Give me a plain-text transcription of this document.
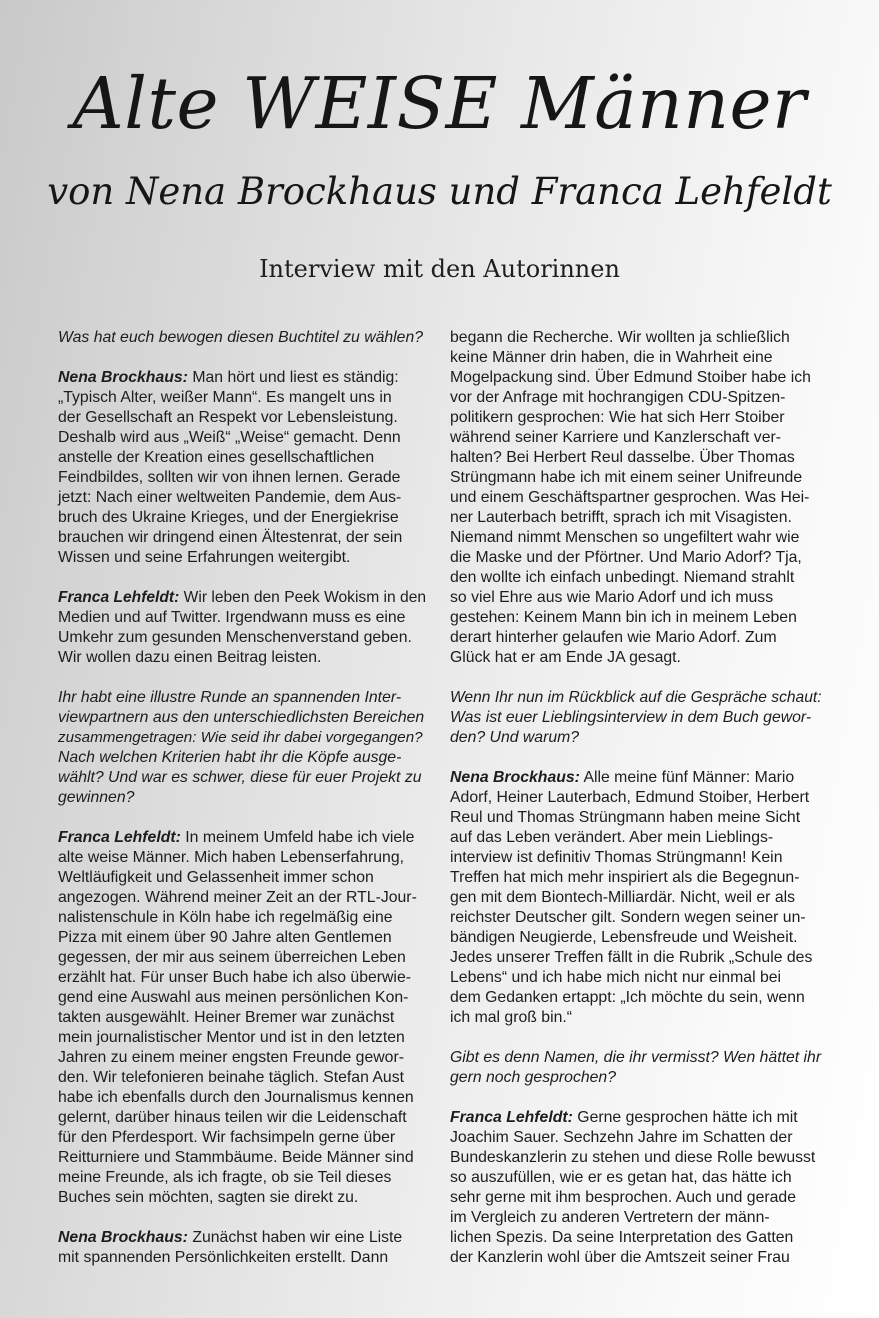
Alte WEISE Männer
von Nena Brockhaus und Franca Lehfeldt
Interview mit den Autorinnen
Was hat euch bewogen diesen Buchtitel zu wählen?
Nena Brockhaus: Man hört und liest es ständig:
„Typisch Alter, weißer Mann“. Es mangelt uns in
der Gesellschaft an Respekt vor Lebensleistung.
Deshalb wird aus „Weiß“ „Weise“ gemacht. Denn
anstelle der Kreation eines gesellschaftlichen
Feindbildes, sollten wir von ihnen lernen. Gerade
jetzt: Nach einer weltweiten Pandemie, dem Aus-
bruch des Ukraine Krieges, und der Energiekrise
brauchen wir dringend einen Ältestenrat, der sein
Wissen und seine Erfahrungen weitergibt.
Franca Lehfeldt: Wir leben den Peek Wokism in den
Medien und auf Twitter. Irgendwann muss es eine
Umkehr zum gesunden Menschenverstand geben.
Wir wollen dazu einen Beitrag leisten.
Ihr habt eine illustre Runde an spannenden Inter-
viewpartnern aus den unterschiedlichsten Bereichen
zusammengetragen: Wie seid ihr dabei vorgegangen?
Nach welchen Kriterien habt ihr die Köpfe ausge-
wählt? Und war es schwer, diese für euer Projekt zu
gewinnen?
Franca Lehfeldt: In meinem Umfeld habe ich viele
alte weise Männer. Mich haben Lebenserfahrung,
Weltläufigkeit und Gelassenheit immer schon
angezogen. Während meiner Zeit an der RTL-Jour-
nalistenschule in Köln habe ich regelmäßig eine
Pizza mit einem über 90 Jahre alten Gentlemen
gegessen, der mir aus seinem überreichen Leben
erzählt hat. Für unser Buch habe ich also überwie-
gend eine Auswahl aus meinen persönlichen Kon-
takten ausgewählt. Heiner Bremer war zunächst
mein journalistischer Mentor und ist in den letzten
Jahren zu einem meiner engsten Freunde gewor-
den. Wir telefonieren beinahe täglich. Stefan Aust
habe ich ebenfalls durch den Journalismus kennen
gelernt, darüber hinaus teilen wir die Leidenschaft
für den Pferdesport. Wir fachsimpeln gerne über
Reitturniere und Stammbäume. Beide Männer sind
meine Freunde, als ich fragte, ob sie Teil dieses
Buches sein möchten, sagten sie direkt zu.
Nena Brockhaus: Zunächst haben wir eine Liste
mit spannenden Persönlichkeiten erstellt. Dann
begann die Recherche. Wir wollten ja schließlich
keine Männer drin haben, die in Wahrheit eine
Mogelpackung sind. Über Edmund Stoiber habe ich
vor der Anfrage mit hochrangigen CDU-Spitzen-
politikern gesprochen: Wie hat sich Herr Stoiber
während seiner Karriere und Kanzlerschaft ver-
halten? Bei Herbert Reul dasselbe. Über Thomas
Strüngmann habe ich mit einem seiner Unifreunde
und einem Geschäftspartner gesprochen. Was Hei-
ner Lauterbach betrifft, sprach ich mit Visagisten.
Niemand nimmt Menschen so ungefiltert wahr wie
die Maske und der Pförtner. Und Mario Adorf? Tja,
den wollte ich einfach unbedingt. Niemand strahlt
so viel Ehre aus wie Mario Adorf und ich muss
gestehen: Keinem Mann bin ich in meinem Leben
derart hinterher gelaufen wie Mario Adorf. Zum
Glück hat er am Ende JA gesagt.
Wenn Ihr nun im Rückblick auf die Gespräche schaut:
Was ist euer Lieblingsinterview in dem Buch gewor-
den? Und warum?
Nena Brockhaus: Alle meine fünf Männer: Mario
Adorf, Heiner Lauterbach, Edmund Stoiber, Herbert
Reul und Thomas Strüngmann haben meine Sicht
auf das Leben verändert. Aber mein Lieblings-
interview ist definitiv Thomas Strüngmann! Kein
Treffen hat mich mehr inspiriert als die Begegnun-
gen mit dem Biontech-Milliardär. Nicht, weil er als
reichster Deutscher gilt. Sondern wegen seiner un-
bändigen Neugierde, Lebensfreude und Weisheit.
Jedes unserer Treffen fällt in die Rubrik „Schule des
Lebens“ und ich habe mich nicht nur einmal bei
dem Gedanken ertappt: „Ich möchte du sein, wenn
ich mal groß bin.“
Gibt es denn Namen, die ihr vermisst? Wen hättet ihr
gern noch gesprochen?
Franca Lehfeldt: Gerne gesprochen hätte ich mit
Joachim Sauer. Sechzehn Jahre im Schatten der
Bundeskanzlerin zu stehen und diese Rolle bewusst
so auszufüllen, wie er es getan hat, das hätte ich
sehr gerne mit ihm besprochen. Auch und gerade
im Vergleich zu anderen Vertretern der männ-
lichen Spezis. Da seine Interpretation des Gatten
der Kanzlerin wohl über die Amtszeit seiner Frau
